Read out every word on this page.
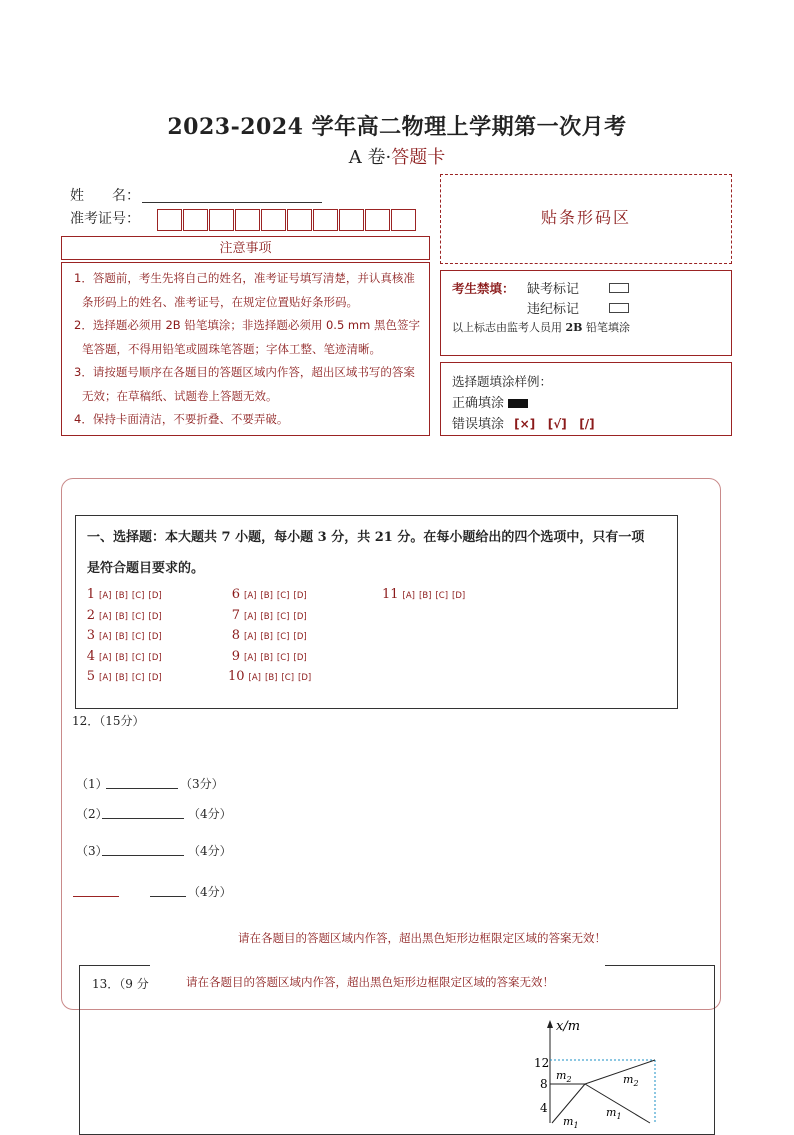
2023-2024 学年高二物理上学期第一次月考
A 卷·答题卡
姓　　名：
准考证号：
注意事项

1．答题前，考生先将自己的姓名，准考证号填写清楚，并认真核准条形码上的姓名、准考证号，在规定位置贴好条形码。

2．选择题必须用 2B 铅笔填涂；非选择题必须用 0.5 mm 黑色签字笔答题，不得用铅笔或圆珠笔答题；字体工整、笔迹清晰。

3．请按题号顺序在各题目的答题区域内作答，超出区域书写的答案无效；在草稿纸、试题卷上答题无效。

4．保持卡面清洁，不要折叠、不要弄破。

贴条形码区
考生禁填： 缺考标记
违纪标记
以上标志由监考人员用 2B 铅笔填涂
选择题填涂样例：
正确填涂
错误填涂 [×]   [√]   [/]
一、选择题：本大题共 7 小题，每小题 3 分，共 21 分。在每小题给出的四个选项中，只有一项
是符合题目要求的。
1 [A] [B] [C] [D]
2 [A] [B] [C] [D]
3 [A] [B] [C] [D]
4 [A] [B] [C] [D]
5 [A] [B] [C] [D]
6 [A] [B] [C] [D]
7 [A] [B] [C] [D]
8 [A] [B] [C] [D]
9 [A] [B] [C] [D]
10 [A] [B] [C] [D]
11 [A] [B] [C] [D]
12．（15分）
（1）	（3分）
（2）	（4分）
（3）	（4分）
（4分）
请在各题目的答题区域内作答，超出黑色矩形边框限定区域的答案无效！
13．（9 分	请在各题目的答题区域内作答，超出黑色矩形边框限定区域的答案无效！
x/m
12
8
4
$m_2$	$m_2$
$m_1$
$m_1$
